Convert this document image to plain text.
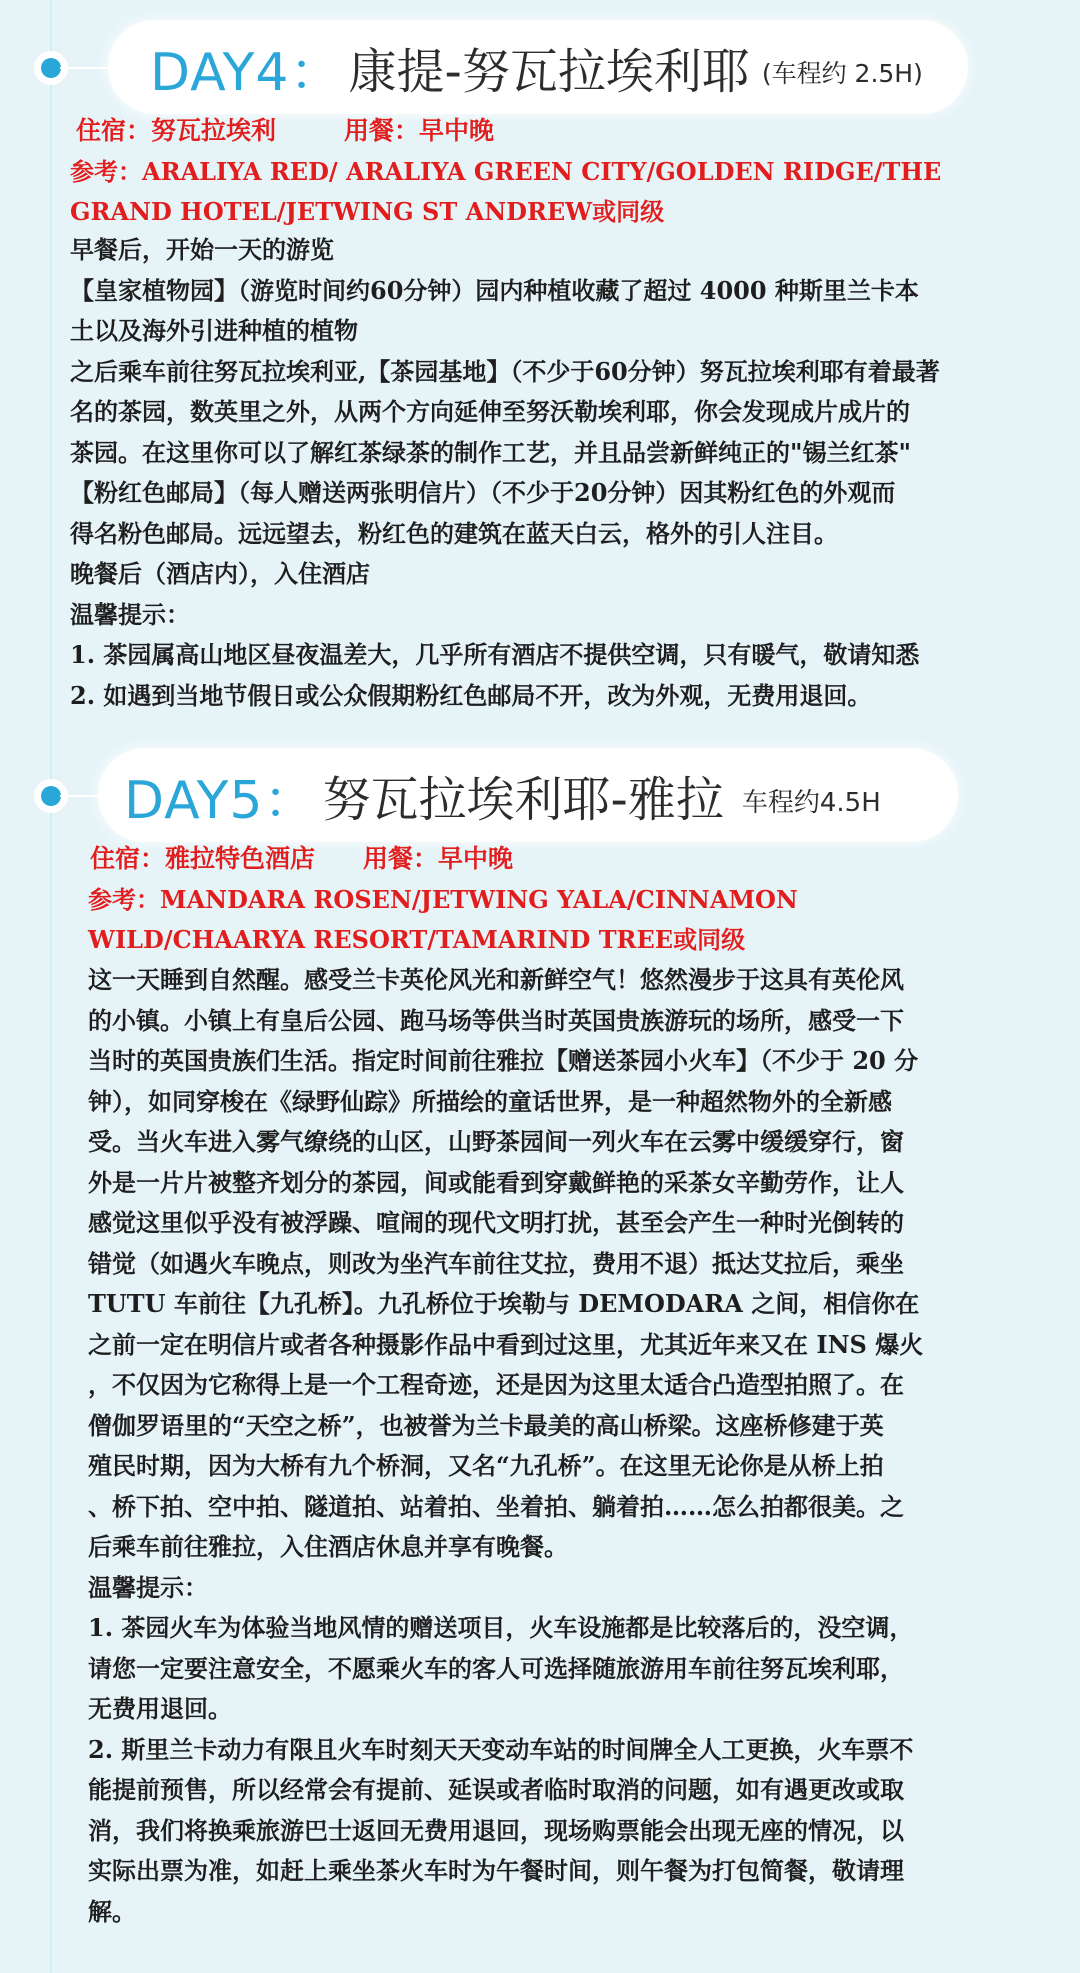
DAY4： 康提-努瓦拉埃利耶 (车程约 2.5H)
住宿：努瓦拉埃利	用餐：早中晚
参考：ARALIYA RED/ ARALIYA GREEN CITY/GOLDEN RIDGE/THE
GRAND HOTEL/JETWING ST ANDREW或同级

早餐后，开始一天的游览

【皇家植物园】（游览时间约60分钟）园内种植收藏了超过 4000 种斯里兰卡本

土以及海外引进种植的植物

之后乘车前往努瓦拉埃利亚,【茶园基地】（不少于60分钟）努瓦拉埃利耶有着最著

名的茶园，数英里之外，从两个方向延伸至努沃勒埃利耶，你会发现成片成片的

茶园。在这里你可以了解红茶绿茶的制作工艺，并且品尝新鲜纯正的"锡兰红茶"

【粉红色邮局】（每人赠送两张明信片）（不少于20分钟）因其粉红色的外观而

得名粉色邮局。远远望去，粉红色的建筑在蓝天白云，格外的引人注目。

晚餐后（酒店内），入住酒店

温馨提示：

1. 茶园属高山地区昼夜温差大，几乎所有酒店不提供空调，只有暖气，敬请知悉

2. 如遇到当地节假日或公众假期粉红色邮局不开，改为外观，无费用退回。

DAY5： 努瓦拉埃利耶-雅拉 车程约4.5H
住宿：雅拉特色酒店 用餐：早中晚
参考：MANDARA ROSEN/JETWING YALA/CINNAMON
WILD/CHAARYA RESORT/TAMARIND TREE或同级

这一天睡到自然醒。感受兰卡英伦风光和新鲜空气！悠然漫步于这具有英伦风

的小镇。小镇上有皇后公园、跑马场等供当时英国贵族游玩的场所，感受一下

当时的英国贵族们生活。指定时间前往雅拉【赠送茶园小火车】（不少于 20 分

钟），如同穿梭在《绿野仙踪》所描绘的童话世界，是一种超然物外的全新感

受。当火车进入雾气缭绕的山区，山野茶园间一列火车在云雾中缓缓穿行，窗

外是一片片被整齐划分的茶园，间或能看到穿戴鲜艳的采茶女辛勤劳作，让人

感觉这里似乎没有被浮躁、喧闹的现代文明打扰，甚至会产生一种时光倒转的

错觉（如遇火车晚点，则改为坐汽车前往艾拉，费用不退）抵达艾拉后，乘坐

TUTU 车前往【九孔桥】。九孔桥位于埃勒与 DEMODARA 之间，相信你在

之前一定在明信片或者各种摄影作品中看到过这里，尤其近年来又在 INS 爆火

，不仅因为它称得上是一个工程奇迹，还是因为这里太适合凸造型拍照了。在

僧伽罗语里的“天空之桥”，也被誉为兰卡最美的高山桥梁。这座桥修建于英

殖民时期，因为大桥有九个桥洞，又名“九孔桥”。在这里无论你是从桥上拍

、桥下拍、空中拍、隧道拍、站着拍、坐着拍、躺着拍……怎么拍都很美。之

后乘车前往雅拉，入住酒店休息并享有晚餐。

温馨提示：

1. 茶园火车为体验当地风情的赠送项目，火车设施都是比较落后的，没空调，

请您一定要注意安全，不愿乘火车的客人可选择随旅游用车前往努瓦埃利耶，

无费用退回。

2. 斯里兰卡动力有限且火车时刻天天变动车站的时间牌全人工更换，火车票不

能提前预售，所以经常会有提前、延误或者临时取消的问题，如有遇更改或取

消，我们将换乘旅游巴士返回无费用退回，现场购票能会出现无座的情况，以

实际出票为准，如赶上乘坐茶火车时为午餐时间，则午餐为打包简餐，敬请理

解。
